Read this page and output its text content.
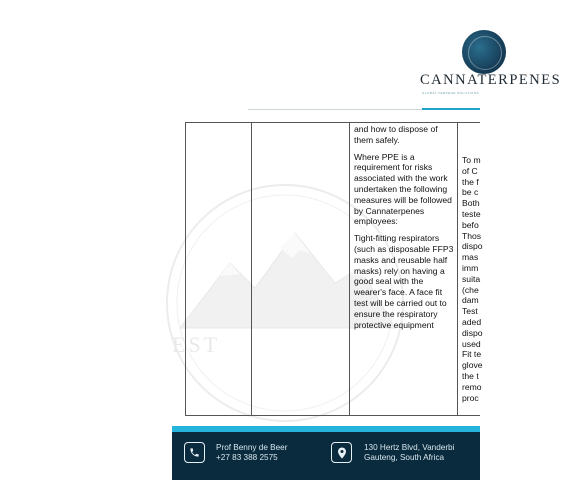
EST
CANNATERPENES
GLOBAL TERPENE SOLUTIONS

and how to dispose of them safely.

Where PPE is a requirement for risks associated with the work undertaken the following measures will be followed by Cannaterpenes employees:

Tight-fitting respirators (such as disposable FFP3 masks and reusable half masks) rely on having a good seal with the wearer's face. A face fit test will be carried out to ensure the respiratory protective equipment

To m
of C
the f
be c
Both
teste
befo
Thos
dispo
mas
imm
suita
(che
dam
Test
aded
dispo
used
Fit te
glove
the t
remo
proc
Prof Benny de Beer
+27 83 388 2575
130 Hertz Blvd, Vanderbi
Gauteng, South Africa
